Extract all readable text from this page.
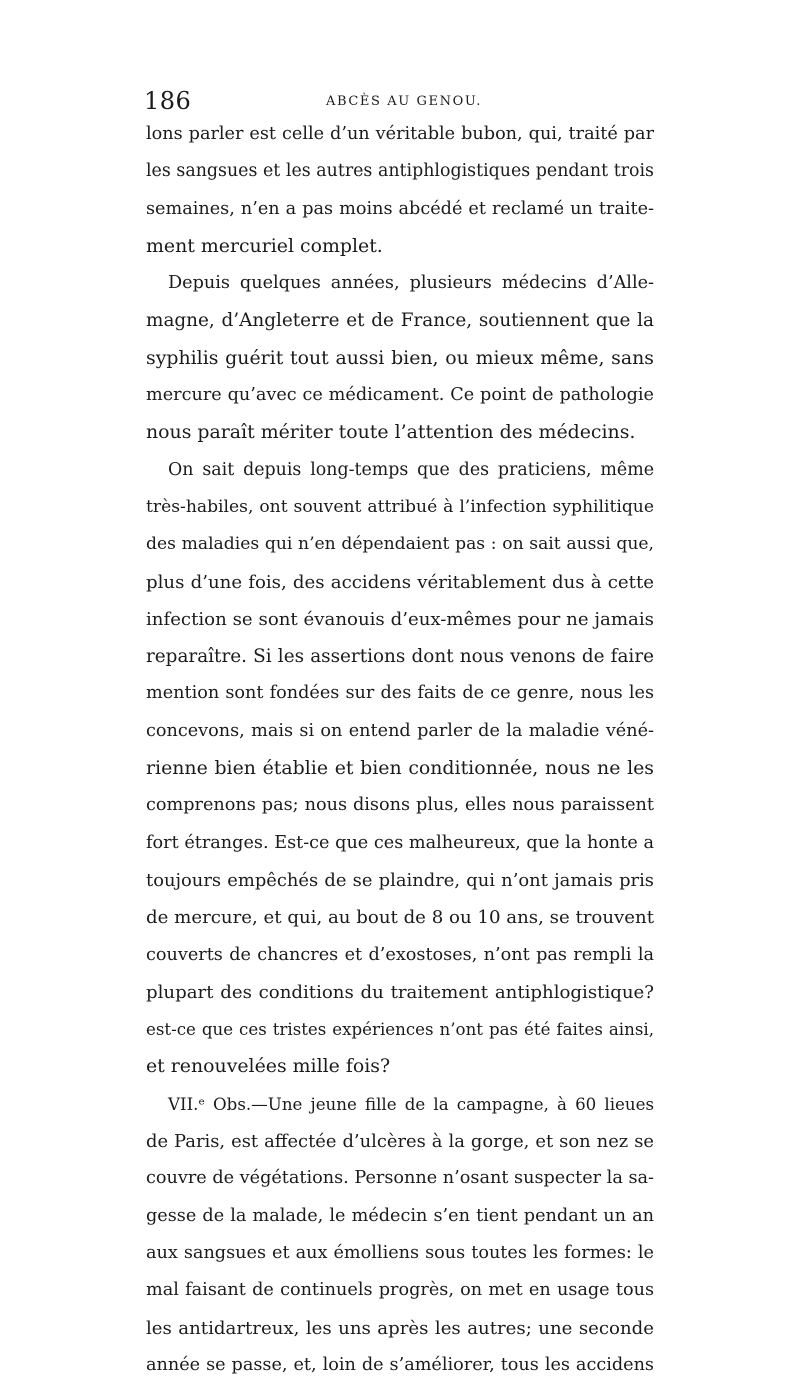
186	ABCÈS AU GENOU.
lons parler est celle d’un véritable bubon, qui, traité par
les sangsues et les autres antiphlogistiques pendant trois
semaines, n’en a pas moins abcédé et reclamé un traite-
ment mercuriel complet.
Depuis quelques années, plusieurs médecins d’Alle-
magne, d’Angleterre et de France, soutiennent que la
syphilis guérit tout aussi bien, ou mieux même, sans
mercure qu’avec ce médicament. Ce point de pathologie
nous paraît mériter toute l’attention des médecins.
On sait depuis long-temps que des praticiens, même
très-habiles, ont souvent attribué à l’infection syphilitique
des maladies qui n’en dépendaient pas : on sait aussi que,
plus d’une fois, des accidens véritablement dus à cette
infection se sont évanouis d’eux-mêmes pour ne jamais
reparaître. Si les assertions dont nous venons de faire
mention sont fondées sur des faits de ce genre, nous les
concevons, mais si on entend parler de la maladie véné-
rienne bien établie et bien conditionnée, nous ne les
comprenons pas; nous disons plus, elles nous paraissent
fort étranges. Est-ce que ces malheureux, que la honte a
toujours empêchés de se plaindre, qui n’ont jamais pris
de mercure, et qui, au bout de 8 ou 10 ans, se trouvent
couverts de chancres et d’exostoses, n’ont pas rempli la
plupart des conditions du traitement antiphlogistique?
est-ce que ces tristes expériences n’ont pas été faites ainsi,
et renouvelées mille fois?
VII.ᵉ Obs.—Une jeune fille de la campagne, à 60 lieues
de Paris, est affectée d’ulcères à la gorge, et son nez se
couvre de végétations. Personne n’osant suspecter la sa-
gesse de la malade, le médecin s’en tient pendant un an
aux sangsues et aux émolliens sous toutes les formes: le
mal faisant de continuels progrès, on met en usage tous
les antidartreux, les uns après les autres; une seconde
année se passe, et, loin de s’améliorer, tous les accidens
